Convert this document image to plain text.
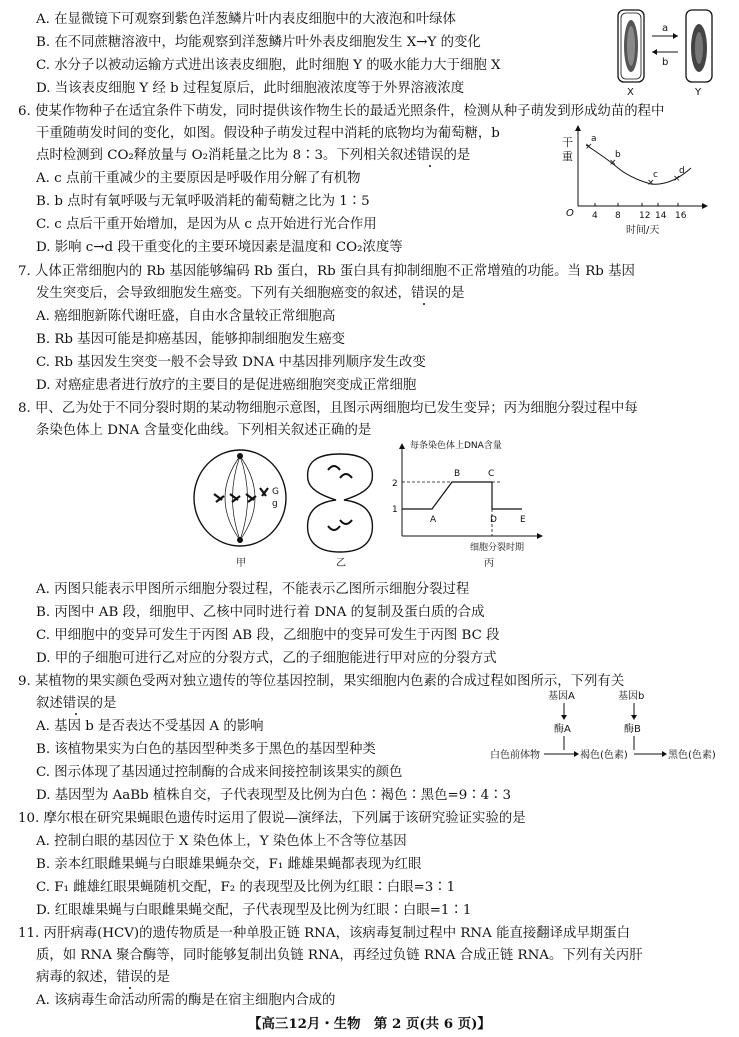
A. 在显微镜下可观察到紫色洋葱鳞片叶内表皮细胞中的大液泡和叶绿体
B. 在不同蔗糖溶液中，均能观察到洋葱鳞片叶外表皮细胞发生 X→Y 的变化
C. 水分子以被动运输方式进出该表皮细胞，此时细胞 Y 的吸水能力大于细胞 X
D. 当该表皮细胞 Y 经 b 过程复原后，此时细胞液浓度等于外界溶液浓度
a
b
X	Y
6. 使某作物种子在适宜条件下萌发，同时提供该作物生长的最适光照条件，检测从种子萌发到形成幼苗的程中
干重随萌发时间的变化，如图。假设种子萌发过程中消耗的底物均为葡萄糖，b
点时检测到 CO₂释放量与 O₂消耗量之比为 8∶3。下列相关叙述错误的是
A. c 点前干重减少的主要原因是呼吸作用分解了有机物
B. b 点时有氧呼吸与无氧呼吸消耗的葡萄糖之比为 1∶5
C. c 点后干重开始增加，是因为从 c 点开始进行光合作用
D. 影响 c→d 段干重变化的主要环境因素是温度和 CO₂浓度等
干
重
O 4 8 12 14 16
×
a
×
b
×
c ×
d
时间/天
7. 人体正常细胞内的 Rb 基因能够编码 Rb 蛋白，Rb 蛋白具有抑制细胞不正常增殖的功能。当 Rb 基因
发生突变后，会导致细胞发生癌变。下列有关细胞癌变的叙述，错误的是
A. 癌细胞新陈代谢旺盛，自由水含量较正常细胞高
B. Rb 基因可能是抑癌基因，能够抑制细胞发生癌变
C. Rb 基因发生突变一般不会导致 DNA 中基因排列顺序发生改变
D. 对癌症患者进行放疗的主要目的是促进癌细胞突变成正常细胞
8. 甲、乙为处于不同分裂时期的某动物细胞示意图，且图示两细胞均已发生变异；丙为细胞分裂过程中每
条染色体上 DNA 含量变化曲线。下列相关叙述正确的是
G
g
甲	乙
每条染色体上DNA含量
2
1
A
B	C
D	E
细胞分裂时期
丙
A. 丙图只能表示甲图所示细胞分裂过程，不能表示乙图所示细胞分裂过程
B. 丙图中 AB 段，细胞甲、乙核中同时进行着 DNA 的复制及蛋白质的合成
C. 甲细胞中的变异可发生于丙图 AB 段，乙细胞中的变异可发生于丙图 BC 段
D. 甲的子细胞可进行乙对应的分裂方式，乙的子细胞能进行甲对应的分裂方式
9. 某植物的果实颜色受两对独立遗传的等位基因控制，果实细胞内色素的合成过程如图所示，下列有关
叙述错误的是
A. 基因 b 是否表达不受基因 A 的影响
B. 该植物果实为白色的基因型种类多于黑色的基因型种类
C. 图示体现了基因通过控制酶的合成来间接控制该果实的颜色
D. 基因型为 AaBb 植株自交，子代表现型及比例为白色∶褐色∶黑色=9∶4∶3
基因A	基因b
酶A	酶B
白色前体物	褐色(色素)	黑色(色素)
10. 摩尔根在研究果蝇眼色遗传时运用了假说—演绎法，下列属于该研究验证实验的是
A. 控制白眼的基因位于 X 染色体上，Y 染色体上不含等位基因
B. 亲本红眼雌果蝇与白眼雄果蝇杂交，F₁ 雌雄果蝇都表现为红眼
C. F₁ 雌雄红眼果蝇随机交配，F₂ 的表现型及比例为红眼∶白眼=3∶1
D. 红眼雄果蝇与白眼雌果蝇交配，子代表现型及比例为红眼∶白眼=1∶1
11. 丙肝病毒(HCV)的遗传物质是一种单股正链 RNA，该病毒复制过程中 RNA 能直接翻译成早期蛋白
质，如 RNA 聚合酶等，同时能够复制出负链 RNA，再经过负链 RNA 合成正链 RNA。下列有关丙肝
病毒的叙述，错误的是
A. 该病毒生命活动所需的酶是在宿主细胞内合成的
【高三12月・生物　第 2 页(共 6 页)】
